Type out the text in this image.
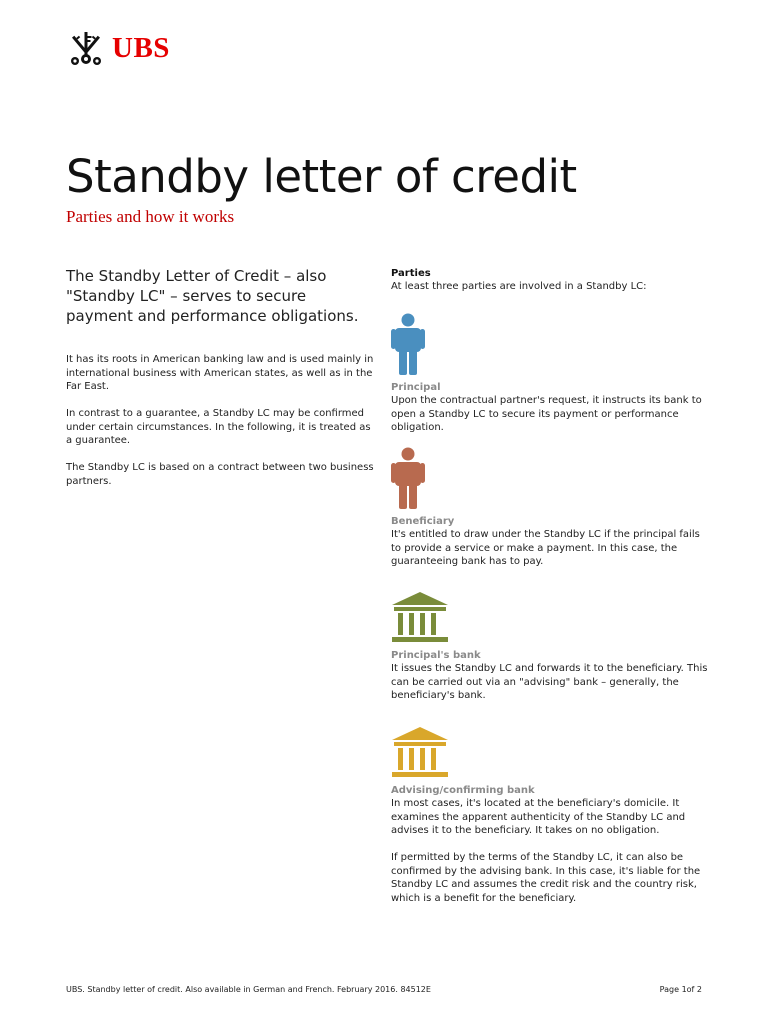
UBS
Standby letter of credit
Parties and how it works

The Standby Letter of Credit – also "Standby LC" – serves to secure payment and performance obligations.

It has its roots in American banking law and is used mainly in international business with American states, as well as in the Far East.

In contrast to a guarantee, a Standby LC may be confirmed under certain circumstances. In the following, it is treated as a guarantee.

The Standby LC is based on a contract between two business partners.

Parties

At least three parties are involved in a Standby LC:

Principal

Upon the contractual partner's request, it instructs its bank to open a Standby LC to secure its payment or performance obligation.

Beneficiary

It's entitled to draw under the Standby LC if the principal fails to provide a service or make a payment. In this case, the guaranteeing bank has to pay.

Principal's bank

It issues the Standby LC and forwards it to the beneficiary. This can be carried out via an "advising" bank – generally, the beneficiary's bank.

Advising/confirming bank

In most cases, it's located at the beneficiary's domicile. It examines the apparent authenticity of the Standby LC and advises it to the beneficiary. It takes on no obligation.

If permitted by the terms of the Standby LC, it can also be confirmed by the advising bank. In this case, it's liable for the Standby LC and assumes the credit risk and the country risk, which is a benefit for the beneficiary.

UBS. Standby letter of credit. Also available in German and French. February 2016. 84512E	Page 1of 2
